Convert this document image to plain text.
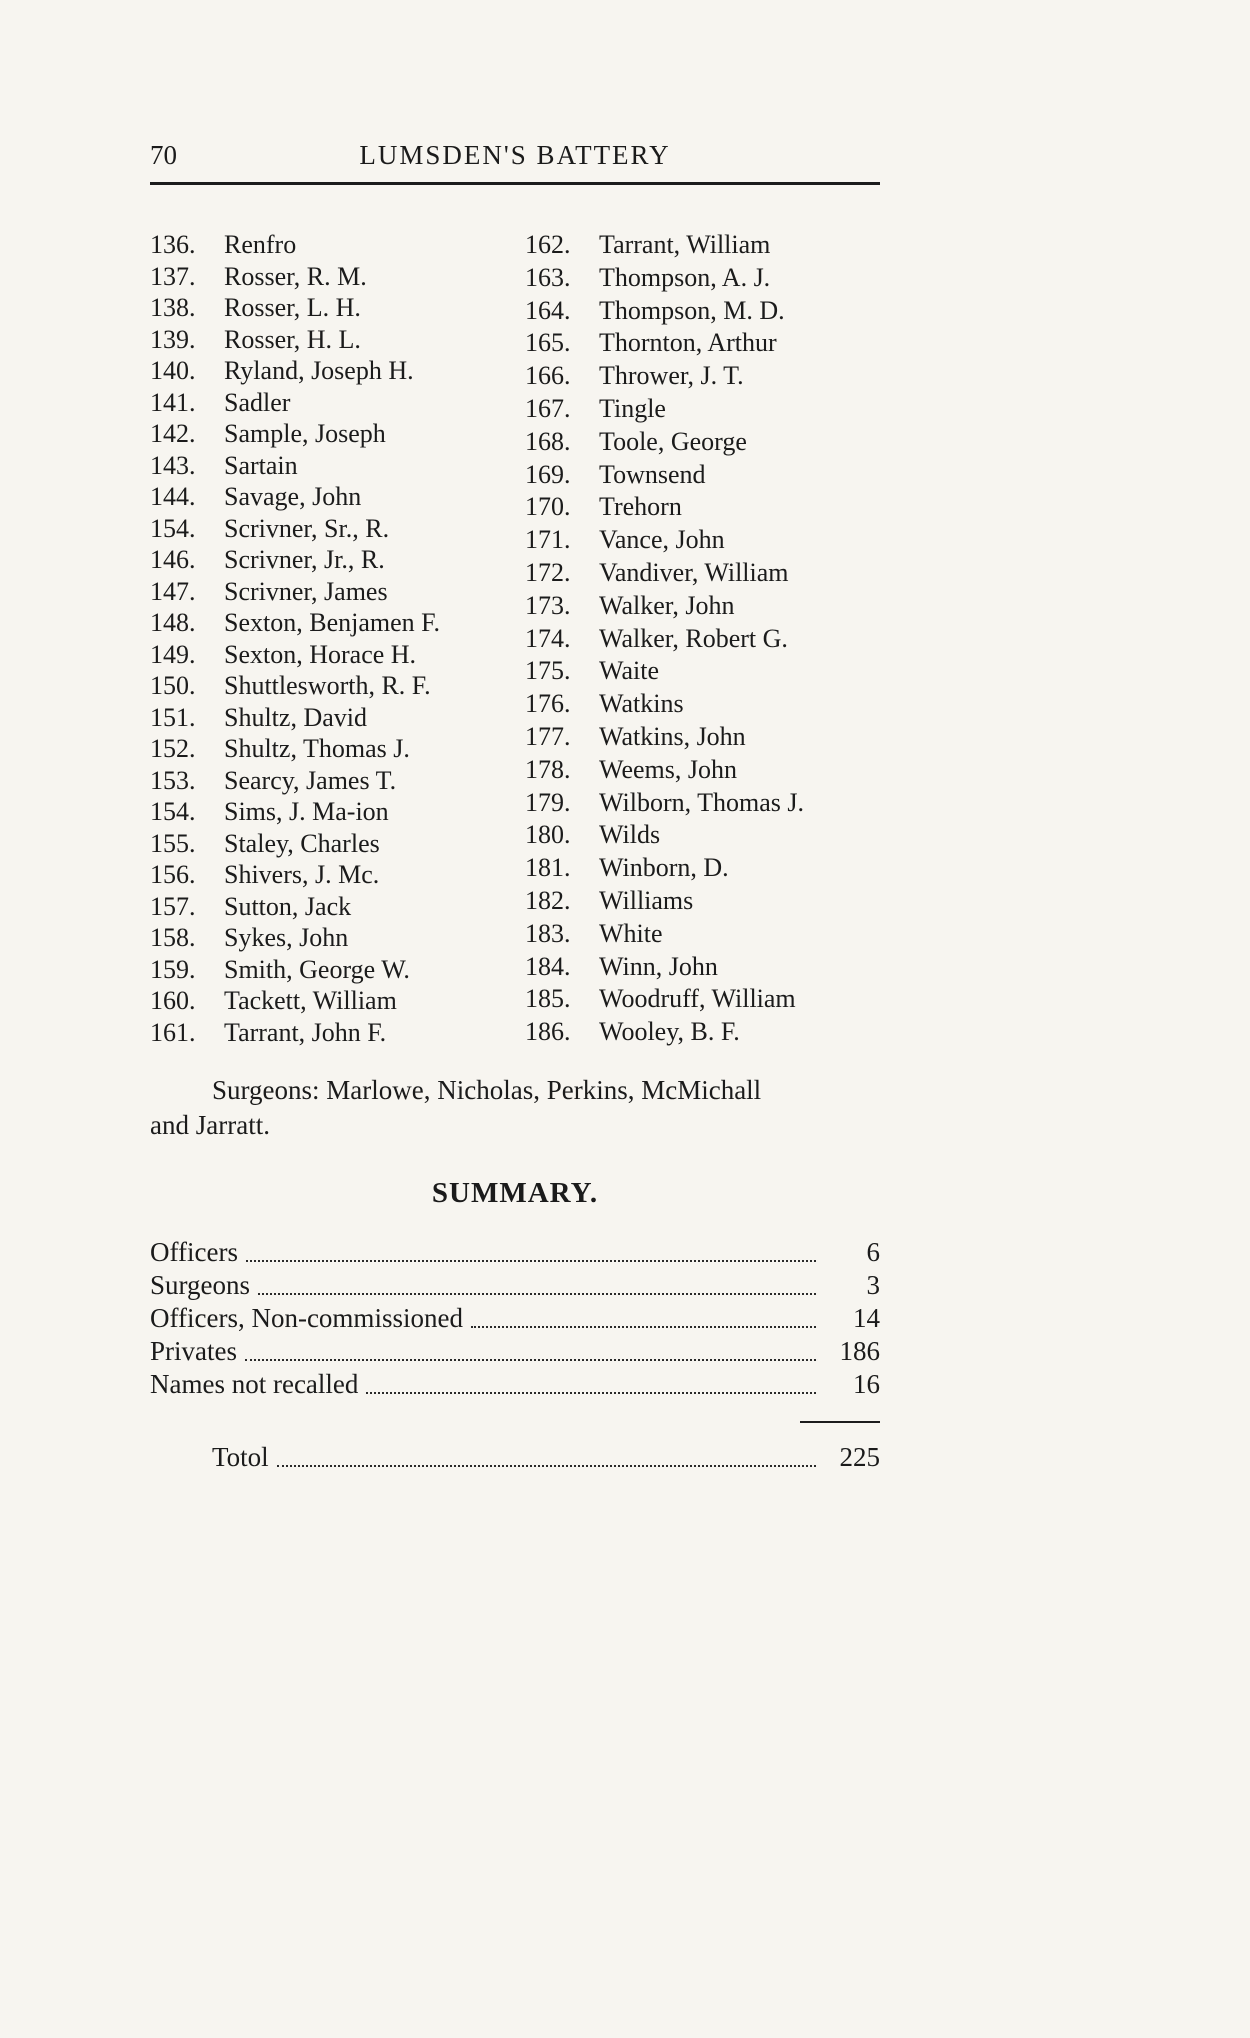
70	LUMSDEN'S BATTERY
136. Renfro
137. Rosser, R. M.
138. Rosser, L. H.
139. Rosser, H. L.
140. Ryland, Joseph H.
141. Sadler
142. Sample, Joseph
143. Sartain
144. Savage, John
154. Scrivner, Sr., R.
146. Scrivner, Jr., R.
147. Scrivner, James
148. Sexton, Benjamen F.
149. Sexton, Horace H.
150. Shuttlesworth, R. F.
151. Shultz, David
152. Shultz, Thomas J.
153. Searcy, James T.
154. Sims, J. Ma-ion
155. Staley, Charles
156. Shivers, J. Mc.
157. Sutton, Jack
158. Sykes, John
159. Smith, George W.
160. Tackett, William
161. Tarrant, John F.
162. Tarrant, William
163. Thompson, A. J.
164. Thompson, M. D.
165. Thornton, Arthur
166. Thrower, J. T.
167. Tingle
168. Toole, George
169. Townsend
170. Trehorn
171. Vance, John
172. Vandiver, William
173. Walker, John
174. Walker, Robert G.
175. Waite
176. Watkins
177. Watkins, John
178. Weems, John
179. Wilborn, Thomas J.
180. Wilds
181. Winborn, D.
182. Williams
183. White
184. Winn, John
185. Woodruff, William
186. Wooley, B. F.

Surgeons: Marlowe, Nicholas, Perkins, McMichall
and Jarratt.

SUMMARY.
Officers	6
Surgeons	3
Officers, Non-commissioned	14
Privates	186
Names not recalled	16
Totol	225
